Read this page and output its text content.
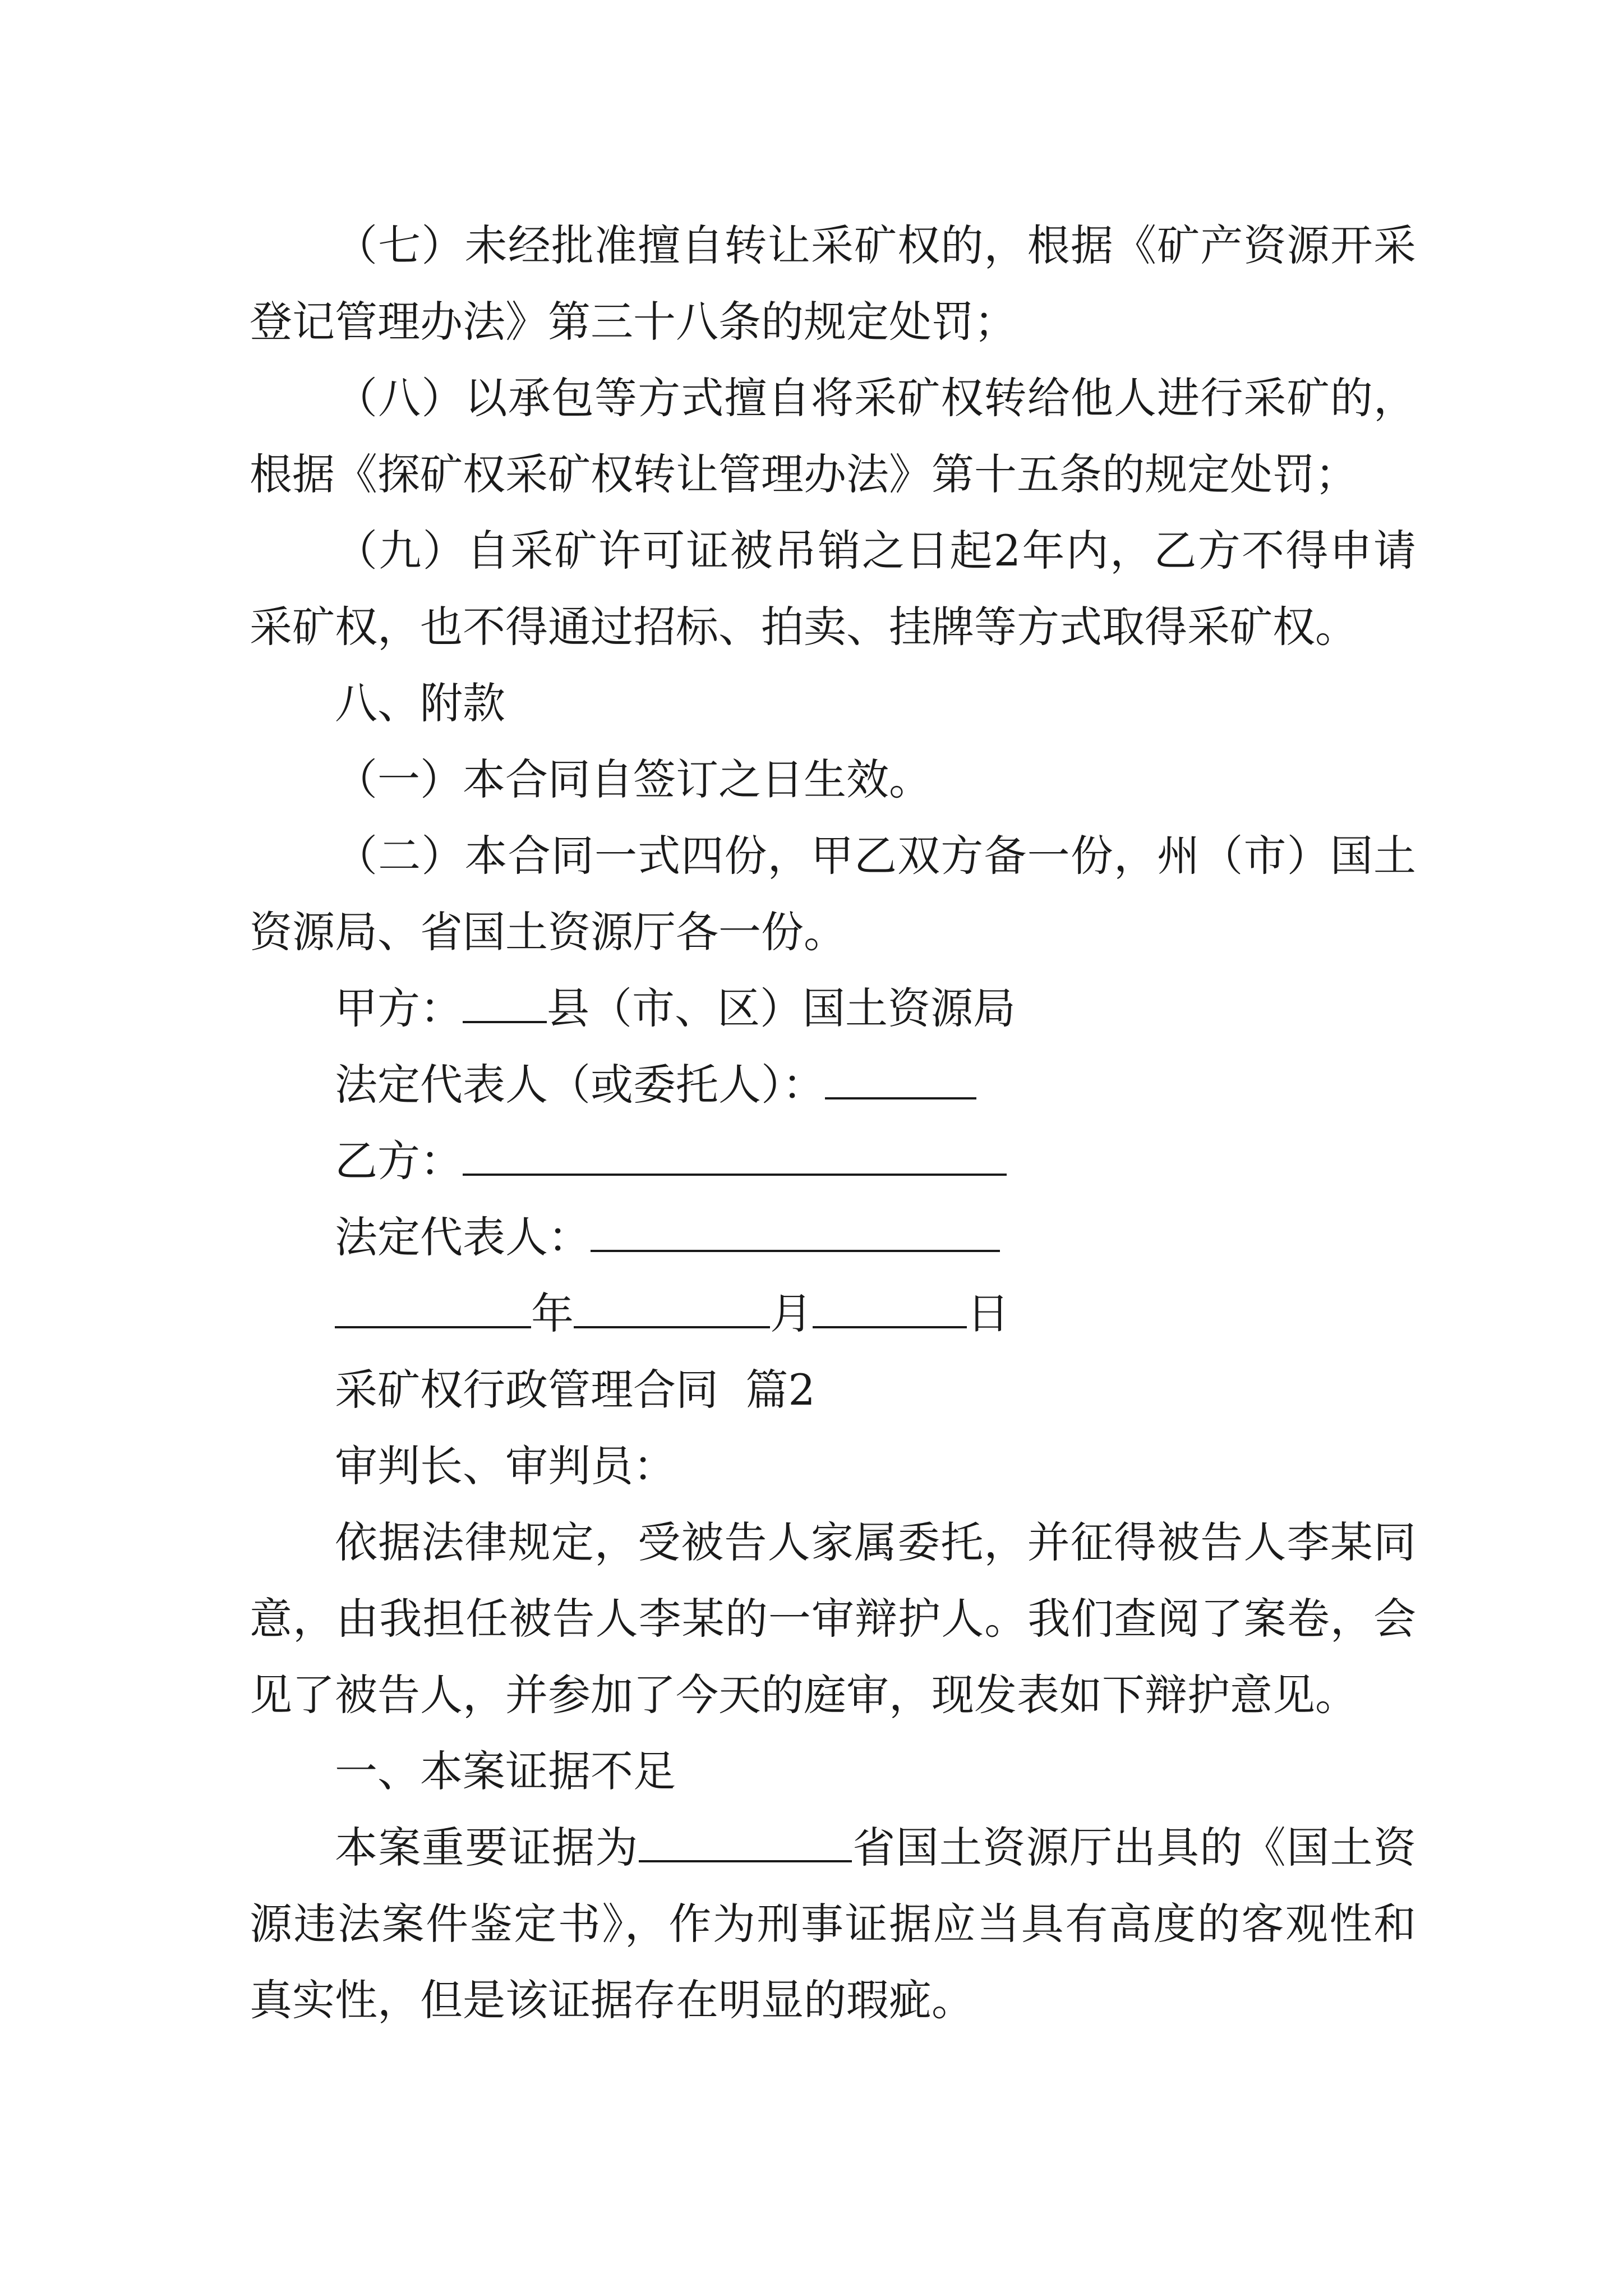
（七）未经批准擅自转让采矿权的，根据《矿产资源开采登记管理办法》第三十八条的规定处罚；

（八）以承包等方式擅自将采矿权转给他人进行采矿的，根据《探矿权采矿权转让管理办法》第十五条的规定处罚；

（九）自采矿许可证被吊销之日起2年内，乙方不得申请采矿权，也不得通过招标、拍卖、挂牌等方式取得采矿权。

八、附款

（一）本合同自签订之日生效。

（二）本合同一式四份，甲乙双方备一份，州（市）国土资源局、省国土资源厅各一份。

甲方： 县（市、区）国土资源局
法定代表人（或委托人）：
乙方：
法定代表人：
年	月	日

采矿权行政管理合同  篇2

审判长、审判员：

依据法律规定，受被告人家属委托，并征得被告人李某同意，由我担任被告人李某的一审辩护人。我们查阅了案卷，会见了被告人，并参加了今天的庭审，现发表如下辩护意见。

一、本案证据不足

本案重要证据为	省国土资源厅出具的《国土资源违法案件鉴定书》，作为刑事证据应当具有高度的客观性和真实性，但是该证据存在明显的瑕疵。
